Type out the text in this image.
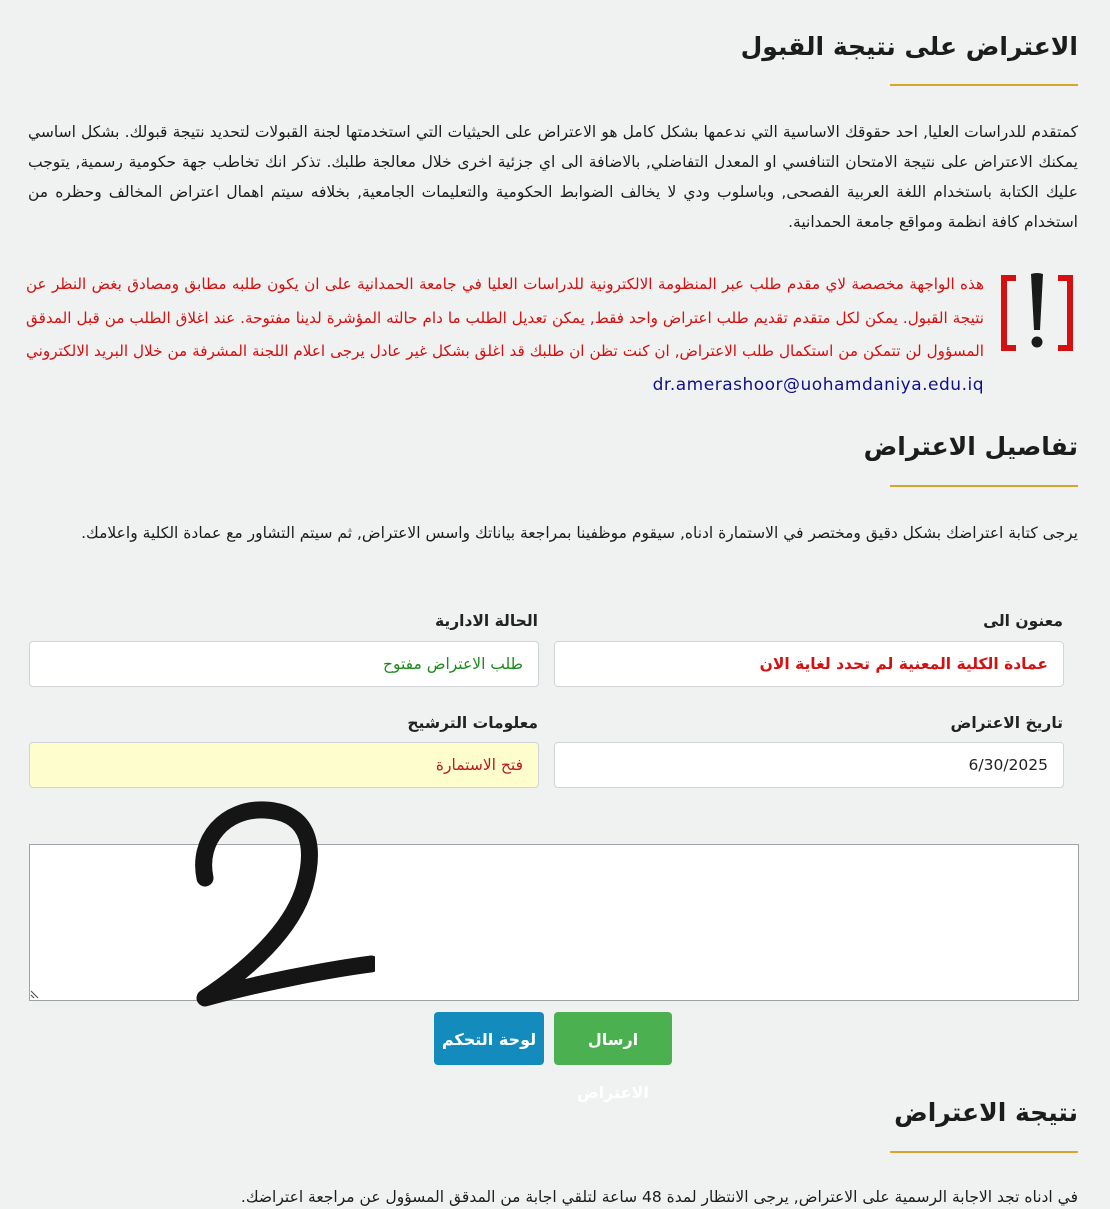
الاعتراض على نتيجة القبول
كمتقدم للدراسات العليا, احد حقوقك الاساسية التي ندعمها بشكل كامل هو الاعتراض على الحيثيات التي استخدمتها لجنة القبولات لتحديد نتيجة قبولك. بشكل اساسي يمكنك الاعتراض على نتيجة الامتحان التنافسي او المعدل التفاضلي, بالاضافة الى اي جزئية اخرى خلال معالجة طلبك. تذكر انك تخاطب جهة حكومية رسمية, يتوجب عليك الكتابة باستخدام اللغة العربية الفصحى, وباسلوب ودي لا يخالف الضوابط الحكومية والتعليمات الجامعية, بخلافه سيتم اهمال اعتراض المخالف وحظره من استخدام كافة انظمة ومواقع جامعة الحمدانية.
هذه الواجهة مخصصة لاي مقدم طلب عبر المنظومة الالكترونية للدراسات العليا في جامعة الحمدانية على ان يكون طلبه مطابق ومصادق بغض النظر عن نتيجة القبول. يمكن لكل متقدم تقديم طلب اعتراض واحد فقط, يمكن تعديل الطلب ما دام حالته المؤشرة لدينا مفتوحة. عند اغلاق الطلب من قبل المدقق المسؤول لن تتمكن من استكمال طلب الاعتراض, ان كنت تظن ان طلبك قد اغلق بشكل غير عادل يرجى اعلام اللجنة المشرفة من خلال البريد الالكتروني dr.amerashoor@uohamdaniya.edu.iq
تفاصيل الاعتراض
يرجى كتابة اعتراضك بشكل دقيق ومختصر في الاستمارة ادناه, سيقوم موظفينا بمراجعة بياناتك واسس الاعتراض, ثم سيتم التشاور مع عمادة الكلية واعلامك.
معنون الى
عمادة الكلية المعنية لم تحدد لغاية الان
الحالة الادارية
طلب الاعتراض مفتوح
تاريخ الاعتراض
6/30/2025
معلومات الترشيح
فتح الاستمارة
ارسال الاعتراض
لوحة التحكم
نتيجة الاعتراض
في ادناه تجد الاجابة الرسمية على الاعتراض, يرجى الانتظار لمدة 48 ساعة لتلقي اجابة من المدقق المسؤول عن مراجعة اعتراضك.
